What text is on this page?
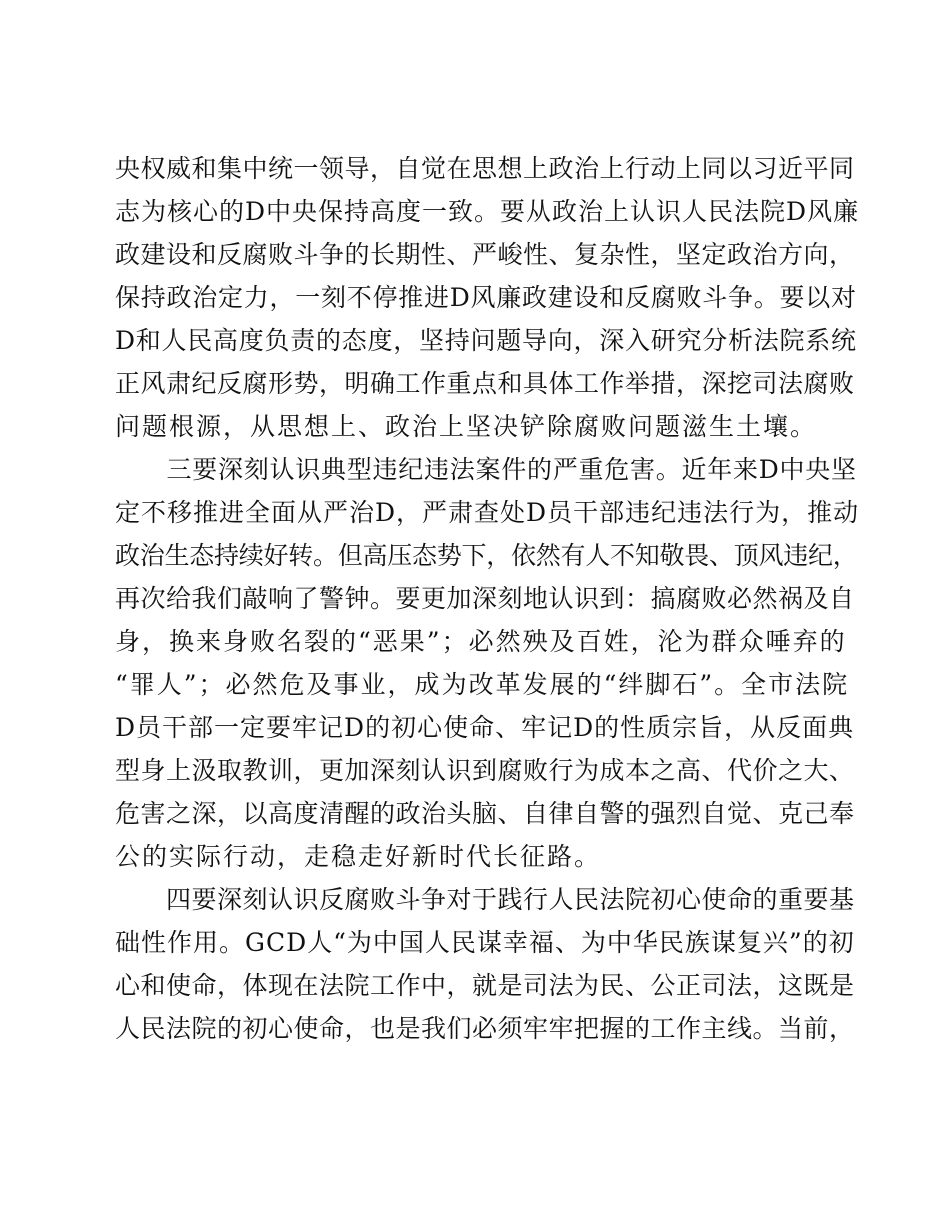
央权威和集中统一领导，自觉在思想上政治上行动上同以习近平同
志为核心的D中央保持高度一致。要从政治上认识人民法院D风廉
政建设和反腐败斗争的长期性、严峻性、复杂性，坚定政治方向，
保持政治定力，一刻不停推进D风廉政建设和反腐败斗争。要以对
D和人民高度负责的态度，坚持问题导向，深入研究分析法院系统
正风肃纪反腐形势，明确工作重点和具体工作举措，深挖司法腐败
问题根源，从思想上、政治上坚决铲除腐败问题滋生土壤。
　　三要深刻认识典型违纪违法案件的严重危害。近年来D中央坚
定不移推进全面从严治D，严肃查处D员干部违纪违法行为，推动
政治生态持续好转。但高压态势下，依然有人不知敬畏、顶风违纪，
再次给我们敲响了警钟。要更加深刻地认识到：搞腐败必然祸及自
身，换来身败名裂的“恶果”；必然殃及百姓，沦为群众唾弃的
“罪人”；必然危及事业，成为改革发展的“绊脚石”。全市法院
D员干部一定要牢记D的初心使命、牢记D的性质宗旨，从反面典
型身上汲取教训，更加深刻认识到腐败行为成本之高、代价之大、
危害之深，以高度清醒的政治头脑、自律自警的强烈自觉、克己奉
公的实际行动，走稳走好新时代长征路。
　　四要深刻认识反腐败斗争对于践行人民法院初心使命的重要基
础性作用。GCD人“为中国人民谋幸福、为中华民族谋复兴”的初
心和使命，体现在法院工作中，就是司法为民、公正司法，这既是
人民法院的初心使命，也是我们必须牢牢把握的工作主线。当前，
